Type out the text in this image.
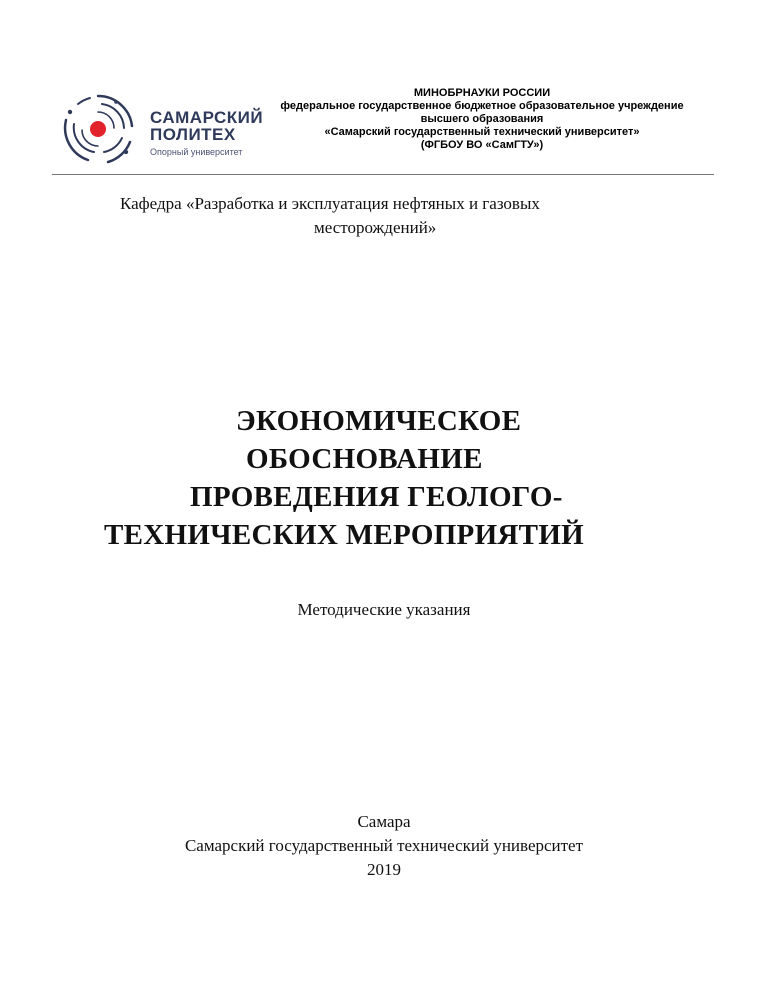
САМАРСКИЙ
ПОЛИТЕХ
Опорный университет
МИНОБРНАУКИ РОССИИ
федеральное государственное бюджетное образовательное учреждение
высшего образования
«Самарский государственный технический университет»
(ФГБОУ ВО «СамГТУ»)
Кафедра «Разработка и эксплуатация нефтяных и газовых
месторождений»
ЭКОНОМИЧЕСКОЕ
ОБОСНОВАНИЕ
ПРОВЕДЕНИЯ ГЕОЛОГО-
ТЕХНИЧЕСКИХ МЕРОПРИЯТИЙ
Методические указания
Самара
Самарский государственный технический университет
2019
